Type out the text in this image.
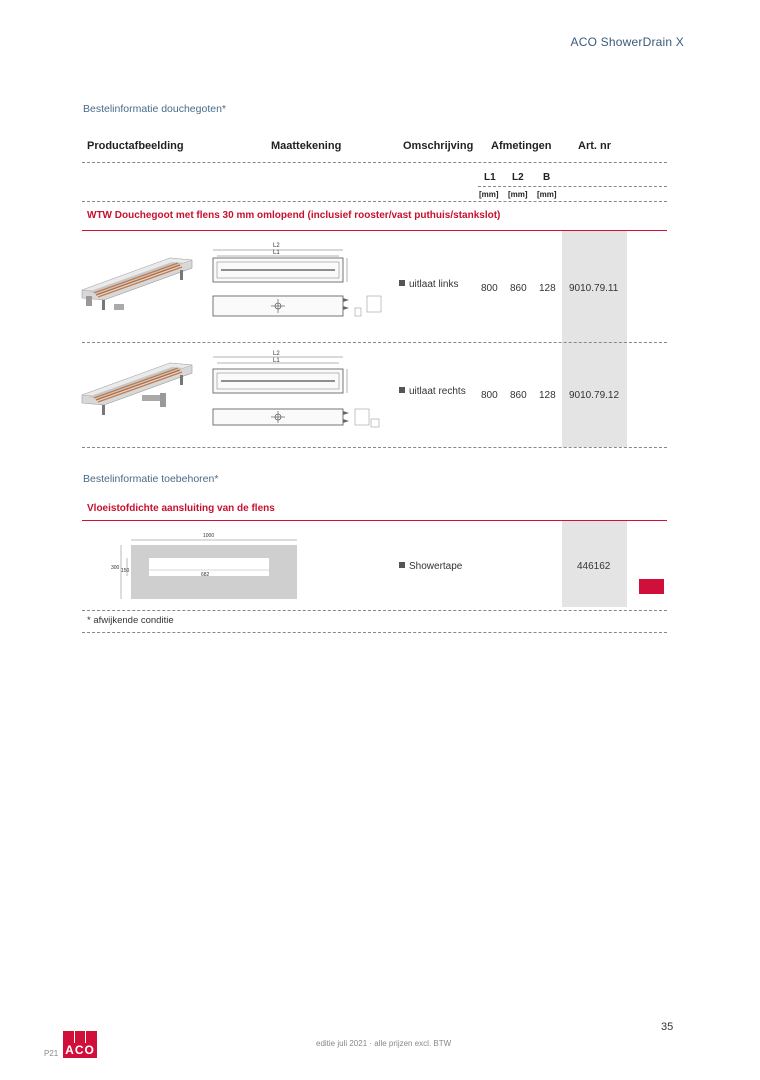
ACO ShowerDrain X
Bestelinformatie douchegoten*
Productafbeelding	Maattekening	Omschrijving Afmetingen Art. nr
L1 L2 B
[mm] [mm] [mm]
WTW Douchegoot met flens 30 mm omlopend (inclusief rooster/vast puthuis/stankslot)
L2
L1
uitlaat links 800 860 128 9010.79.11
L2
L1
uitlaat rechts 800 860 128 9010.79.12
Bestelinformatie toebehoren*
Vloeistofdichte aansluiting van de flens
1000
682
300 150	Showertape	446162
* afwijkende conditie
35
editie juli 2021 · alle prijzen excl. BTW
P21 ACO
